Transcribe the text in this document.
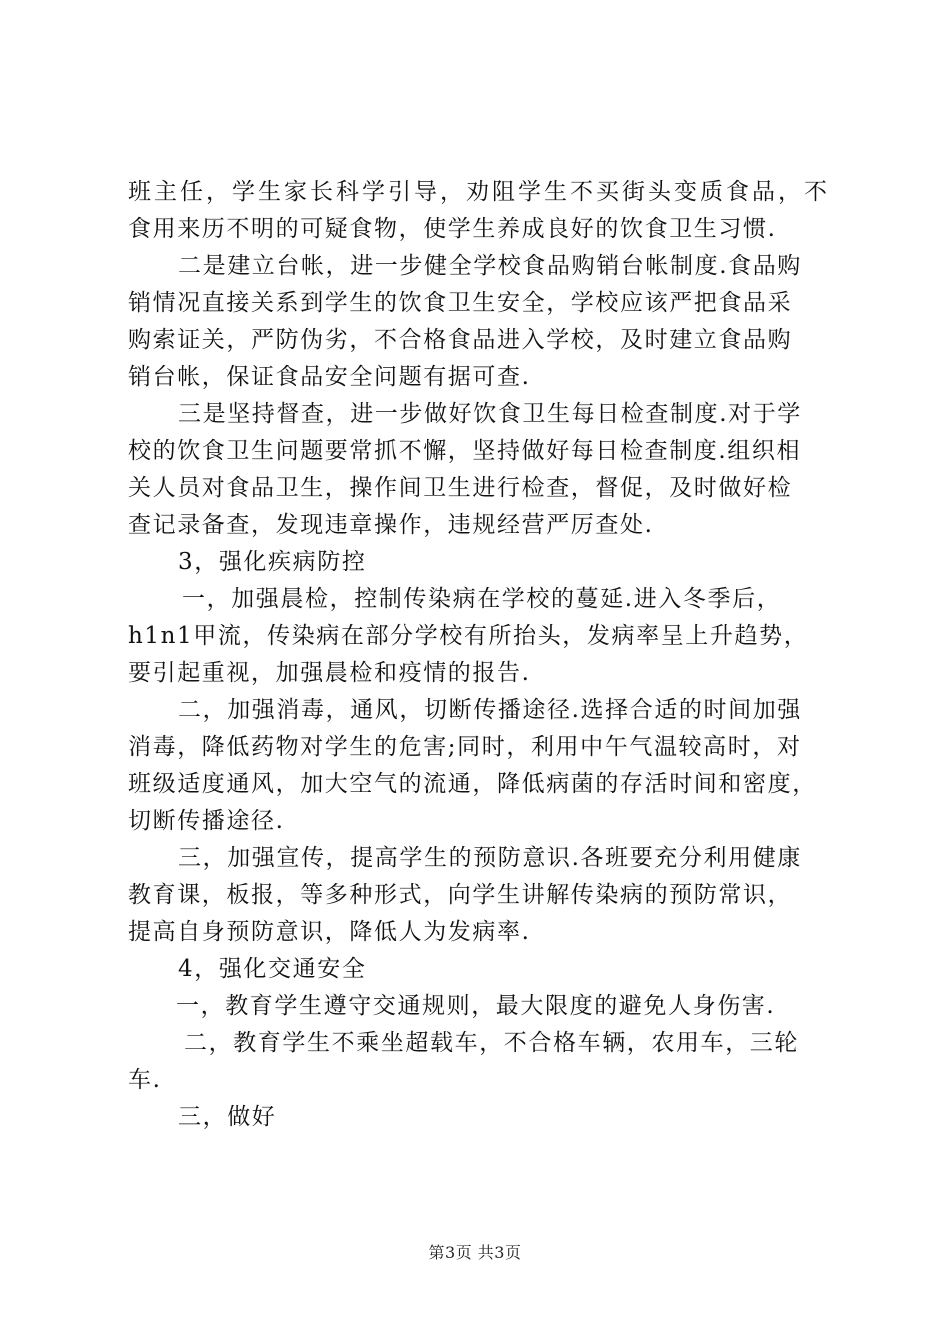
班主任，学生家长科学引导，劝阻学生不买街头变质食品，不
食用来历不明的可疑食物，使学生养成良好的饮食卫生习惯.
二是建立台帐，进一步健全学校食品购销台帐制度.食品购
销情况直接关系到学生的饮食卫生安全，学校应该严把食品采
购索证关，严防伪劣，不合格食品进入学校，及时建立食品购
销台帐，保证食品安全问题有据可查.
三是坚持督查，进一步做好饮食卫生每日检查制度.对于学
校的饮食卫生问题要常抓不懈，坚持做好每日检查制度.组织相
关人员对食品卫生，操作间卫生进行检查，督促，及时做好检
查记录备查，发现违章操作，违规经营严厉查处.
3，强化疾病防控
一，加强晨检，控制传染病在学校的蔓延.进入冬季后，
h1n1甲流，传染病在部分学校有所抬头，发病率呈上升趋势，
要引起重视，加强晨检和疫情的报告.
二，加强消毒，通风，切断传播途径.选择合适的时间加强
消毒，降低药物对学生的危害;同时，利用中午气温较高时，对
班级适度通风，加大空气的流通，降低病菌的存活时间和密度，
切断传播途径.
三，加强宣传，提高学生的预防意识.各班要充分利用健康
教育课，板报，等多种形式，向学生讲解传染病的预防常识，
提高自身预防意识，降低人为发病率.
4，强化交通安全
一，教育学生遵守交通规则，最大限度的避免人身伤害.
二，教育学生不乘坐超载车，不合格车辆，农用车，三轮
车.
三，做好
第3页 共3页
